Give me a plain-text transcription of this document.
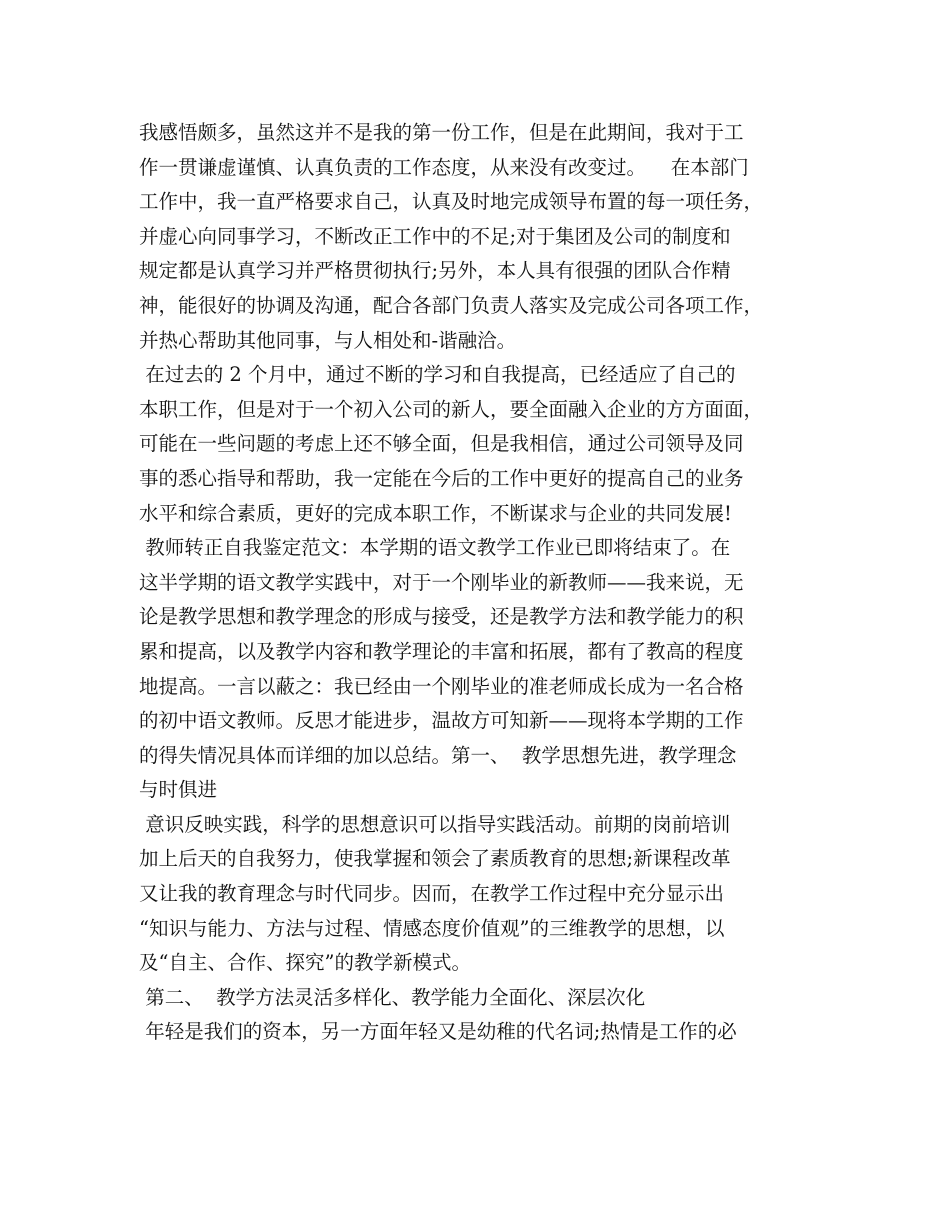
我感悟颇多，虽然这并不是我的第一份工作，但是在此期间，我对于工
作一贯谦虚谨慎、认真负责的工作态度，从来没有改变过。    在本部门
工作中，我一直严格要求自己，认真及时地完成领导布置的每一项任务，
并虚心向同事学习，不断改正工作中的不足;对于集团及公司的制度和
规定都是认真学习并严格贯彻执行;另外，本人具有很强的团队合作精
神，能很好的协调及沟通，配合各部门负责人落实及完成公司各项工作，
并热心帮助其他同事，与人相处和-谐融洽。
在过去的 2 个月中，通过不断的学习和自我提高，已经适应了自己的
本职工作，但是对于一个初入公司的新人，要全面融入企业的方方面面，
可能在一些问题的考虑上还不够全面，但是我相信，通过公司领导及同
事的悉心指导和帮助，我一定能在今后的工作中更好的提高自己的业务
水平和综合素质，更好的完成本职工作，不断谋求与企业的共同发展!
教师转正自我鉴定范文：本学期的语文教学工作业已即将结束了。在
这半学期的语文教学实践中，对于一个刚毕业的新教师——我来说，无
论是教学思想和教学理念的形成与接受，还是教学方法和教学能力的积
累和提高，以及教学内容和教学理论的丰富和拓展，都有了教高的程度
地提高。一言以蔽之：我已经由一个刚毕业的准老师成长成为一名合格
的初中语文教师。反思才能进步，温故方可知新——现将本学期的工作
的得失情况具体而详细的加以总结。第一、  教学思想先进，教学理念
与时俱进
意识反映实践，科学的思想意识可以指导实践活动。前期的岗前培训
加上后天的自我努力，使我掌握和领会了素质教育的思想;新课程改革
又让我的教育理念与时代同步。因而，在教学工作过程中充分显示出
“知识与能力、方法与过程、情感态度价值观”的三维教学的思想，以
及“自主、合作、探究”的教学新模式。
第二、  教学方法灵活多样化、教学能力全面化、深层次化
年轻是我们的资本，另一方面年轻又是幼稚的代名词;热情是工作的必
